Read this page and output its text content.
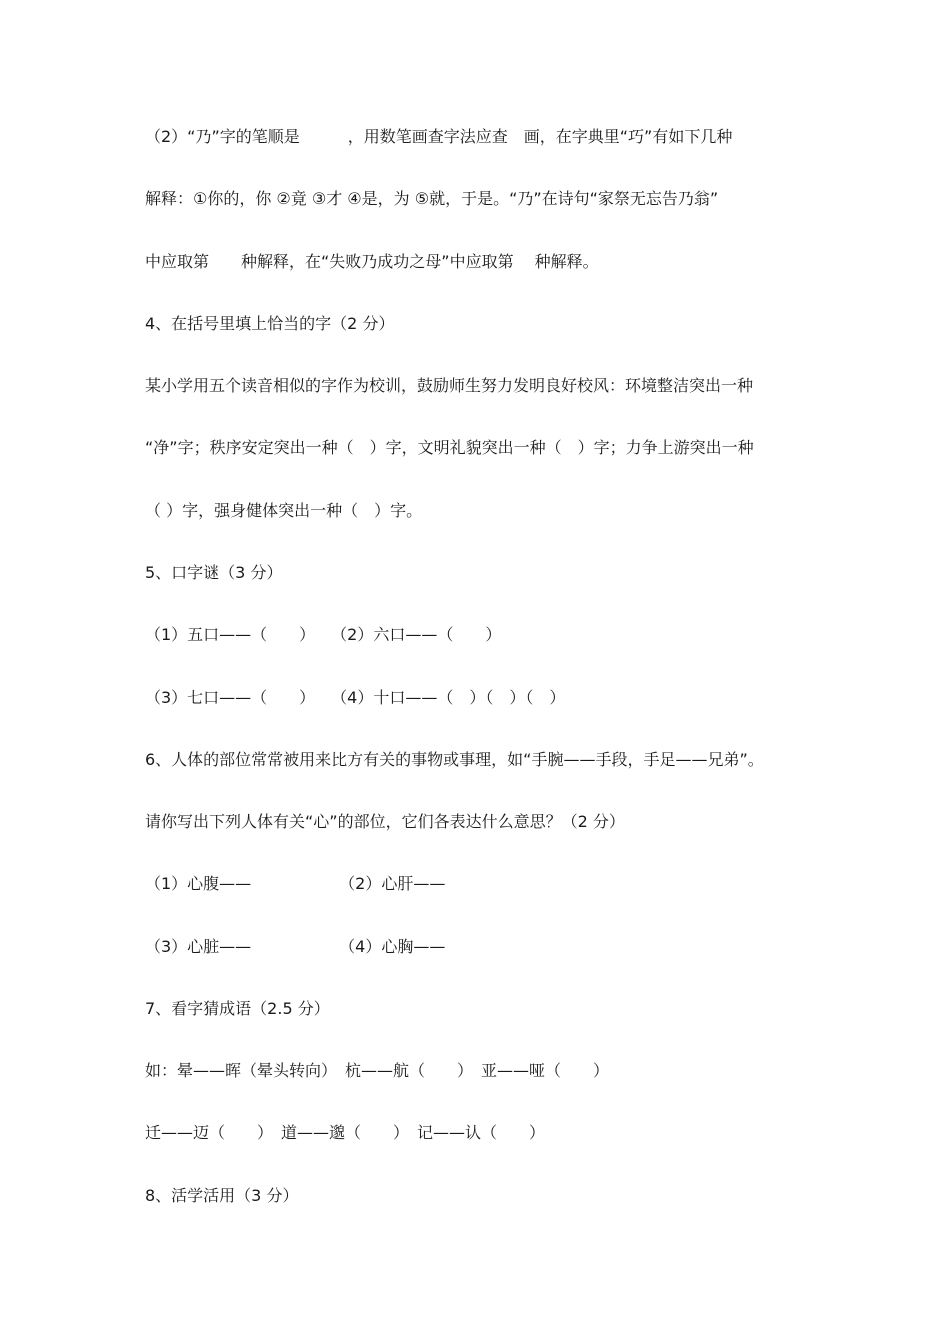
（2）“乃”字的笔顺是　　　，用数笔画查字法应查　画，在字典里“巧”有如下几种
解释：①你的，你 ②竟 ③才 ④是，为 ⑤就，于是。“乃”在诗句“家祭无忘告乃翁”
中应取第　　种解释，在“失败乃成功之母”中应取第　 种解释。
4、在括号里填上恰当的字（2 分）
某小学用五个读音相似的字作为校训，鼓励师生努力发明良好校风：环境整洁突出一种
“净”字；秩序安定突出一种（　）字，文明礼貌突出一种（　）字；力争上游突出一种
（ ）字，强身健体突出一种（　）字。
5、口字谜（3 分）
（1）五口——（　　）　　（2）六口——（　　）
（3）七口——（　　）　　（4）十口——（　）（　）（　）
6、人体的部位常常被用来比方有关的事物或事理，如“手腕——手段，手足——兄弟”。
请你写出下列人体有关“心”的部位，它们各表达什么意思？（2 分）
（1）心腹——　　　　　　（2）心肝——
（3）心脏——　　　　　　（4）心胸——
7、看字猜成语（2.5 分）
如：晕——晖（晕头转向）　杭——航（　　）　亚——哑（　　）
迁——迈（　　）　道——邈（　　）　记——认（　　）
8、活学活用（3 分）
